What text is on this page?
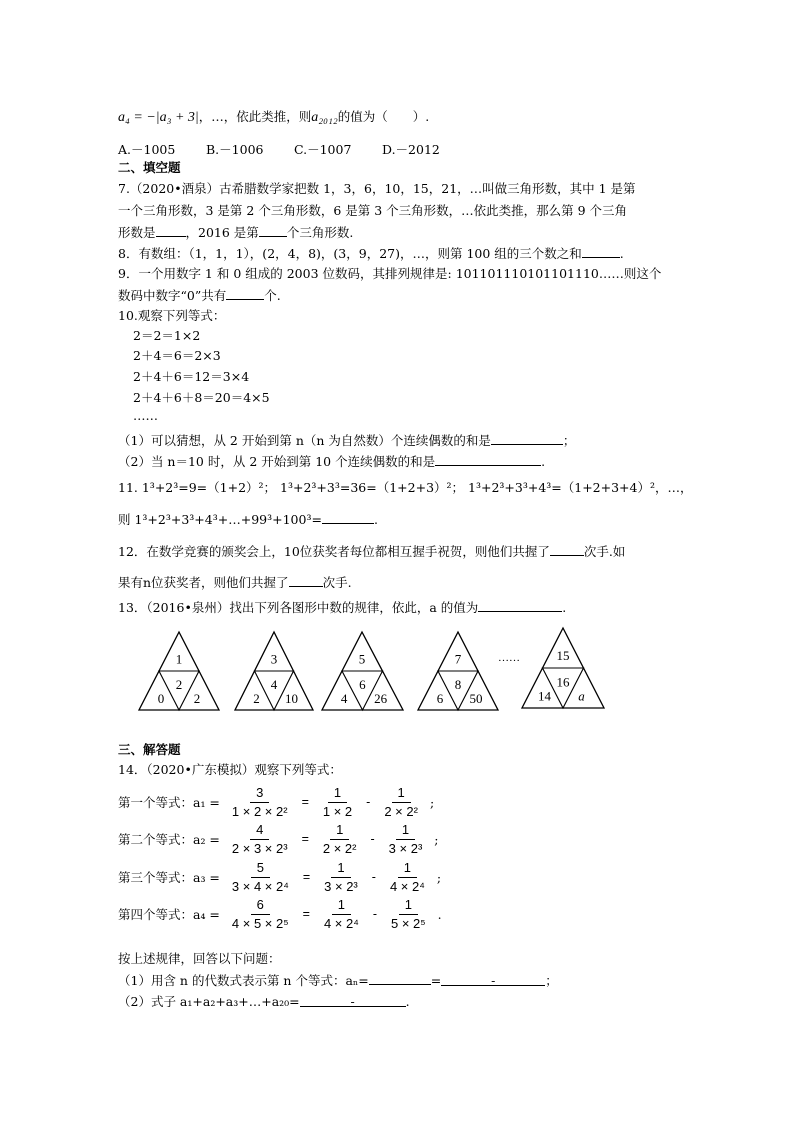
a₄ = −|a₃ + 3|，…，依此类推，则a₂₀₁₂的值为（　　）.
A.－1005 B.－1006 C.－1007 D.－2012
二、填空题
7.（2020•酒泉）古希腊数学家把数 1，3，6，10，15，21，…叫做三角形数，其中 1 是第
一个三角形数，3 是第 2 个三角形数，6 是第 3 个三角形数，…依此类推，那么第 9 个三角
形数是 ，2016 是第 个三角形数.
8．有数组：（1，1，1），(2，4，8)，(3，9，27)，…，则第 100 组的三个数之和	.
9．一个用数字 1 和 0 组成的 2003 位数码，其排列规律是: 101101110101101110……则这个
数码中数字“0”共有	个.
10.观察下列等式：
2＝2＝1×2
2＋4＝6＝2×3
2＋4＋6＝12＝3×4
2＋4＋6＋8＝20＝4×5
……
（1）可以猜想，从 2 开始到第 n（n 为自然数）个连续偶数的和是	；
（2）当 n＝10 时，从 2 开始到第 10 个连续偶数的和是	.
11. 1³+2³=9=（1+2）²； 1³+2³+3³=36=（1+2+3）²； 1³+2³+3³+4³=（1+2+3+4）²，…，
则 1³+2³+3³+4³+…+99³+100³=	.
12．在数学竞赛的颁奖会上，10位获奖者每位都相互握手祝贺，则他们共握了	次手.如
果有n位获奖者，则他们共握了	次手.
13．（2016•泉州）找出下列各图形中数的规律，依此，a 的值为	.
……
1
2
0 2
3
4
2 10
5
6
4 26
7
8
6 50
15
16
14 a
三、解答题
14．（2020•广东模拟）观察下列等式：
第一个等式：$a_1 = \frac{3}{\text{1 × 2 × 2²}} = \frac{1}{1 \times 2} - \frac{1}{\text{2 × 2²}}$ ;
第二个等式：$a_2 = \frac{4}{\text{2 × 3 × 2³}} = \frac{1}{\text{2 × 2²}} - \frac{1}{\text{3 × 2³}}$ ;
第三个等式：$a_3 = \frac{5}{\text{3 × 4 × 2⁴}} = \frac{1}{\text{3 × 2³}} - \frac{1}{\text{4 × 2⁴}}$ ;
第四个等式：$a_4 = \frac{6}{\text{4 × 5 × 2⁵}} = \frac{1}{\text{4 × 2⁴}} - \frac{1}{\text{5 × 2⁵}}$ .
按上述规律，回答以下问题：
（1）用含 n 的代数式表示第 n 个等式：aₙ=	=	-	；
（2）式子 a₁+a₂+a₃+…+a₂₀=	-	.
